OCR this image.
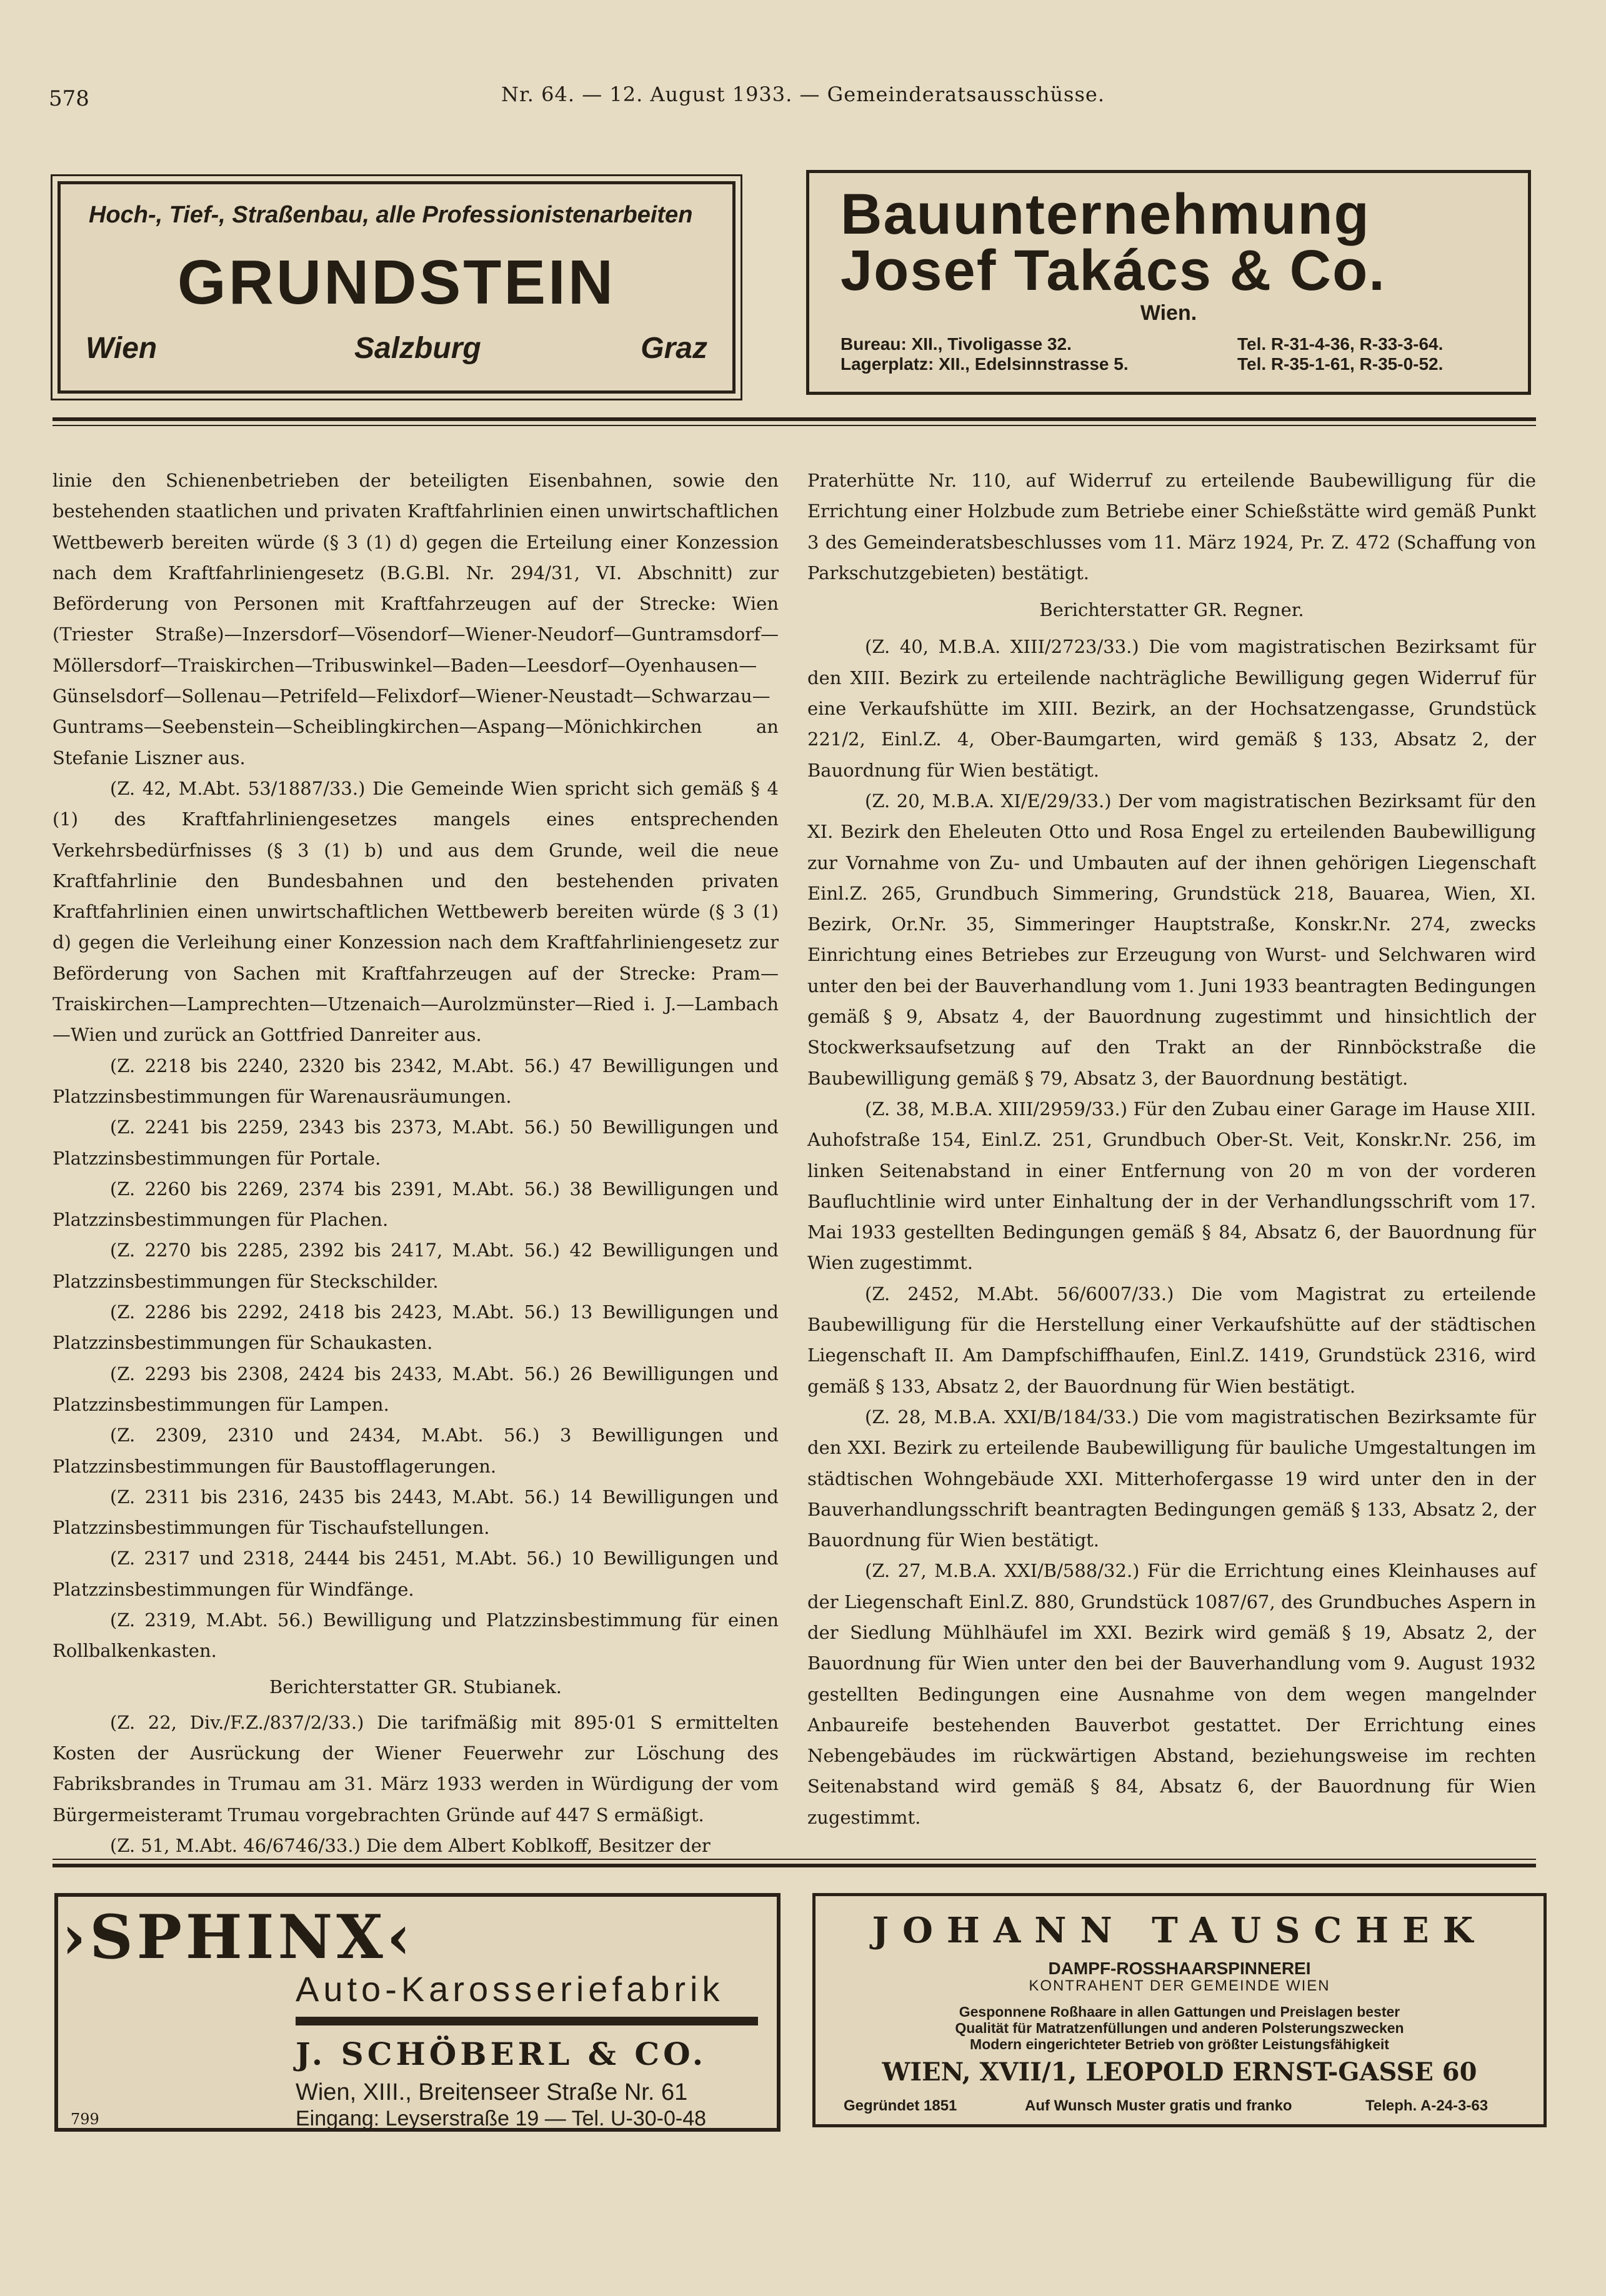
578	Nr. 64. — 12. August 1933. — Gemeinderatsausschüsse.
Hoch-, Tief-, Straßenbau, alle Professionistenarbeiten
GRUNDSTEIN
Wien	Salzburg	Graz
Bauunternehmung
Josef Takács & Co.
Wien.
Bureau: XII., Tivoligasse 32.
Lagerplatz: XII., Edelsinnstrasse 5.
Tel. R-31-4-36, R-33-3-64.
Tel. R-35-1-61, R-35-0-52.

linie den Schienenbetrieben der beteiligten Eisenbahnen, sowie den bestehenden staatlichen und privaten Kraftfahrlinien einen unwirtschaftlichen Wettbewerb bereiten würde (§ 3 (1) d) gegen die Erteilung einer Konzession nach dem Kraftfahrliniengesetz (B.G.Bl. Nr. 294/31, VI. Abschnitt) zur Beförderung von Personen mit Kraftfahrzeugen auf der Strecke: Wien (Triester Straße)—Inzersdorf—Vösendorf—Wiener-Neudorf—Guntramsdorf—Möllersdorf—Traiskirchen—Tribuswinkel—Baden—Leesdorf—Oyenhausen—Günselsdorf—Sollenau—Petrifeld—Felixdorf—Wiener-Neustadt—Schwarzau—Guntrams—Seebenstein—Scheiblingkirchen—Aspang—Mönichkirchen an Stefanie Liszner aus.

(Z. 42, M.Abt. 53/1887/33.) Die Gemeinde Wien spricht sich gemäß § 4 (1) des Kraftfahrliniengesetzes mangels eines entsprechenden Verkehrsbedürfnisses (§ 3 (1) b) und aus dem Grunde, weil die neue Kraftfahrlinie den Bundesbahnen und den bestehenden privaten Kraftfahrlinien einen unwirtschaftlichen Wettbewerb bereiten würde (§ 3 (1) d) gegen die Verleihung einer Konzession nach dem Kraftfahrliniengesetz zur Beförderung von Sachen mit Kraftfahrzeugen auf der Strecke: Pram—Traiskirchen—Lamprechten—Utzenaich—Aurolzmünster—Ried i. J.—Lambach—Wien und zurück an Gottfried Danreiter aus.

(Z. 2218 bis 2240, 2320 bis 2342, M.Abt. 56.) 47 Bewilligungen und Platzzinsbestimmungen für Warenausräumungen.

(Z. 2241 bis 2259, 2343 bis 2373, M.Abt. 56.) 50 Bewilligungen und Platzzinsbestimmungen für Portale.

(Z. 2260 bis 2269, 2374 bis 2391, M.Abt. 56.) 38 Bewilligungen und Platzzinsbestimmungen für Plachen.

(Z. 2270 bis 2285, 2392 bis 2417, M.Abt. 56.) 42 Bewilligungen und Platzzinsbestimmungen für Steckschilder.

(Z. 2286 bis 2292, 2418 bis 2423, M.Abt. 56.) 13 Bewilligungen und Platzzinsbestimmungen für Schaukasten.

(Z. 2293 bis 2308, 2424 bis 2433, M.Abt. 56.) 26 Bewilligungen und Platzzinsbestimmungen für Lampen.

(Z. 2309, 2310 und 2434, M.Abt. 56.) 3 Bewilligungen und Platzzinsbestimmungen für Baustofflagerungen.

(Z. 2311 bis 2316, 2435 bis 2443, M.Abt. 56.) 14 Bewilligungen und Platzzinsbestimmungen für Tischaufstellungen.

(Z. 2317 und 2318, 2444 bis 2451, M.Abt. 56.) 10 Bewilligungen und Platzzinsbestimmungen für Windfänge.

(Z. 2319, M.Abt. 56.) Bewilligung und Platzzinsbestimmung für einen Rollbalkenkasten.

Berichterstatter GR. Stubianek.

(Z. 22, Div./F.Z./837/2/33.) Die tarifmäßig mit 895·01 S ermittelten Kosten der Ausrückung der Wiener Feuerwehr zur Löschung des Fabriksbrandes in Trumau am 31. März 1933 werden in Würdigung der vom Bürgermeisteramt Trumau vorgebrachten Gründe auf 447 S ermäßigt.

(Z. 51, M.Abt. 46/6746/33.) Die dem Albert Koblkoff, Besitzer der

Praterhütte Nr. 110, auf Widerruf zu erteilende Baubewilligung für die Errichtung einer Holzbude zum Betriebe einer Schießstätte wird gemäß Punkt 3 des Gemeinderatsbeschlusses vom 11. März 1924, Pr. Z. 472 (Schaffung von Parkschutzgebieten) bestätigt.

Berichterstatter GR. Regner.

(Z. 40, M.B.A. XIII/2723/33.) Die vom magistratischen Bezirksamt für den XIII. Bezirk zu erteilende nachträgliche Bewilligung gegen Widerruf für eine Verkaufshütte im XIII. Bezirk, an der Hochsatzengasse, Grundstück 221/2, Einl.Z. 4, Ober-Baumgarten, wird gemäß § 133, Absatz 2, der Bauordnung für Wien bestätigt.

(Z. 20, M.B.A. XI/E/29/33.) Der vom magistratischen Bezirksamt für den XI. Bezirk den Eheleuten Otto und Rosa Engel zu erteilenden Baubewilligung zur Vornahme von Zu- und Umbauten auf der ihnen gehörigen Liegenschaft Einl.Z. 265, Grundbuch Simmering, Grundstück 218, Bauarea, Wien, XI. Bezirk, Or.Nr. 35, Simmeringer Hauptstraße, Konskr.Nr. 274, zwecks Einrichtung eines Betriebes zur Erzeugung von Wurst- und Selchwaren wird unter den bei der Bauverhandlung vom 1. Juni 1933 beantragten Bedingungen gemäß § 9, Absatz 4, der Bauordnung zugestimmt und hinsichtlich der Stockwerksaufsetzung auf den Trakt an der Rinnböckstraße die Baubewilligung gemäß § 79, Absatz 3, der Bauordnung bestätigt.

(Z. 38, M.B.A. XIII/2959/33.) Für den Zubau einer Garage im Hause XIII. Auhofstraße 154, Einl.Z. 251, Grundbuch Ober-St. Veit, Konskr.Nr. 256, im linken Seitenabstand in einer Entfernung von 20 m von der vorderen Baufluchtlinie wird unter Einhaltung der in der Verhandlungsschrift vom 17. Mai 1933 gestellten Bedingungen gemäß § 84, Absatz 6, der Bauordnung für Wien zugestimmt.

(Z. 2452, M.Abt. 56/6007/33.) Die vom Magistrat zu erteilende Baubewilligung für die Herstellung einer Verkaufshütte auf der städtischen Liegenschaft II. Am Dampfschiffhaufen, Einl.Z. 1419, Grundstück 2316, wird gemäß § 133, Absatz 2, der Bauordnung für Wien bestätigt.

(Z. 28, M.B.A. XXI/B/184/33.) Die vom magistratischen Bezirksamte für den XXI. Bezirk zu erteilende Baubewilligung für bauliche Umgestaltungen im städtischen Wohngebäude XXI. Mitterhofergasse 19 wird unter den in der Bauverhandlungsschrift beantragten Bedingungen gemäß § 133, Absatz 2, der Bauordnung für Wien bestätigt.

(Z. 27, M.B.A. XXI/B/588/32.) Für die Errichtung eines Kleinhauses auf der Liegenschaft Einl.Z. 880, Grundstück 1087/67, des Grundbuches Aspern in der Siedlung Mühlhäufel im XXI. Bezirk wird gemäß § 19, Absatz 2, der Bauordnung für Wien unter den bei der Bauverhandlung vom 9. August 1932 gestellten Bedingungen eine Ausnahme von dem wegen mangelnder Anbaureife bestehenden Bauverbot gestattet. Der Errichtung eines Nebengebäudes im rückwärtigen Abstand, beziehungsweise im rechten Seitenabstand wird gemäß § 84, Absatz 6, der Bauordnung für Wien zugestimmt.

›SPHINX‹
Auto-Karosseriefabrik
J. SCHÖBERL & CO.
Wien, XIII., Breitenseer Straße Nr. 61
Eingang: Leyserstraße 19 — Tel. U-30-0-48
799
JOHANN TAUSCHEK
DAMPF-ROSSHAARSPINNEREI
KONTRAHENT DER GEMEINDE WIEN
Gesponnene Roßhaare in allen Gattungen und Preislagen bester
Qualität für Matratzenfüllungen und anderen Polsterungszwecken
Modern eingerichteter Betrieb von größter Leistungsfähigkeit
WIEN, XVII/1, LEOPOLD ERNST-GASSE 60
Gegründet 1851	Auf Wunsch Muster gratis und franko	Teleph. A-24-3-63
